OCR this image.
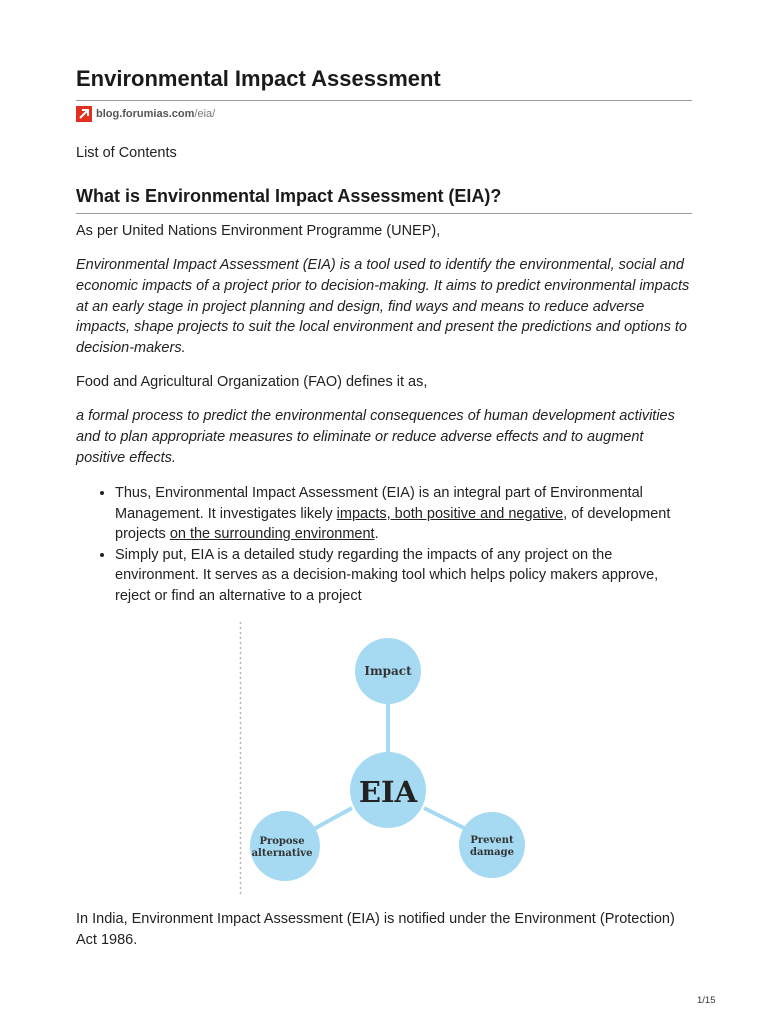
Environmental Impact Assessment
blog.forumias.com /eia/
List of Contents
What is Environmental Impact Assessment (EIA)?

As per United Nations Environment Programme (UNEP),

Environmental Impact Assessment (EIA) is a tool used to identify the environmental, social and economic impacts of a project prior to decision-making. It aims to predict environmental impacts at an early stage in project planning and design, find ways and means to reduce adverse impacts, shape projects to suit the local environment and present the predictions and options to decision-makers.

Food and Agricultural Organization (FAO) defines it as,

a formal process to predict the environmental consequences of human development activities and to plan appropriate measures to eliminate or reduce adverse effects and to augment positive effects.

• Thus, Environmental Impact Assessment (EIA) is an integral part of Environmental Management. It investigates likely impacts, both positive and negative, of development projects on the surrounding environment.
• Simply put, EIA is a detailed study regarding the impacts of any project on the environment. It serves as a decision-making tool which helps policy makers approve, reject or find an alternative to a project

In India, Environment Impact Assessment (EIA) is notified under the Environment (Protection) Act 1986.

Impact
EIA
Propose
alternative
Prevent
damage
1/15
